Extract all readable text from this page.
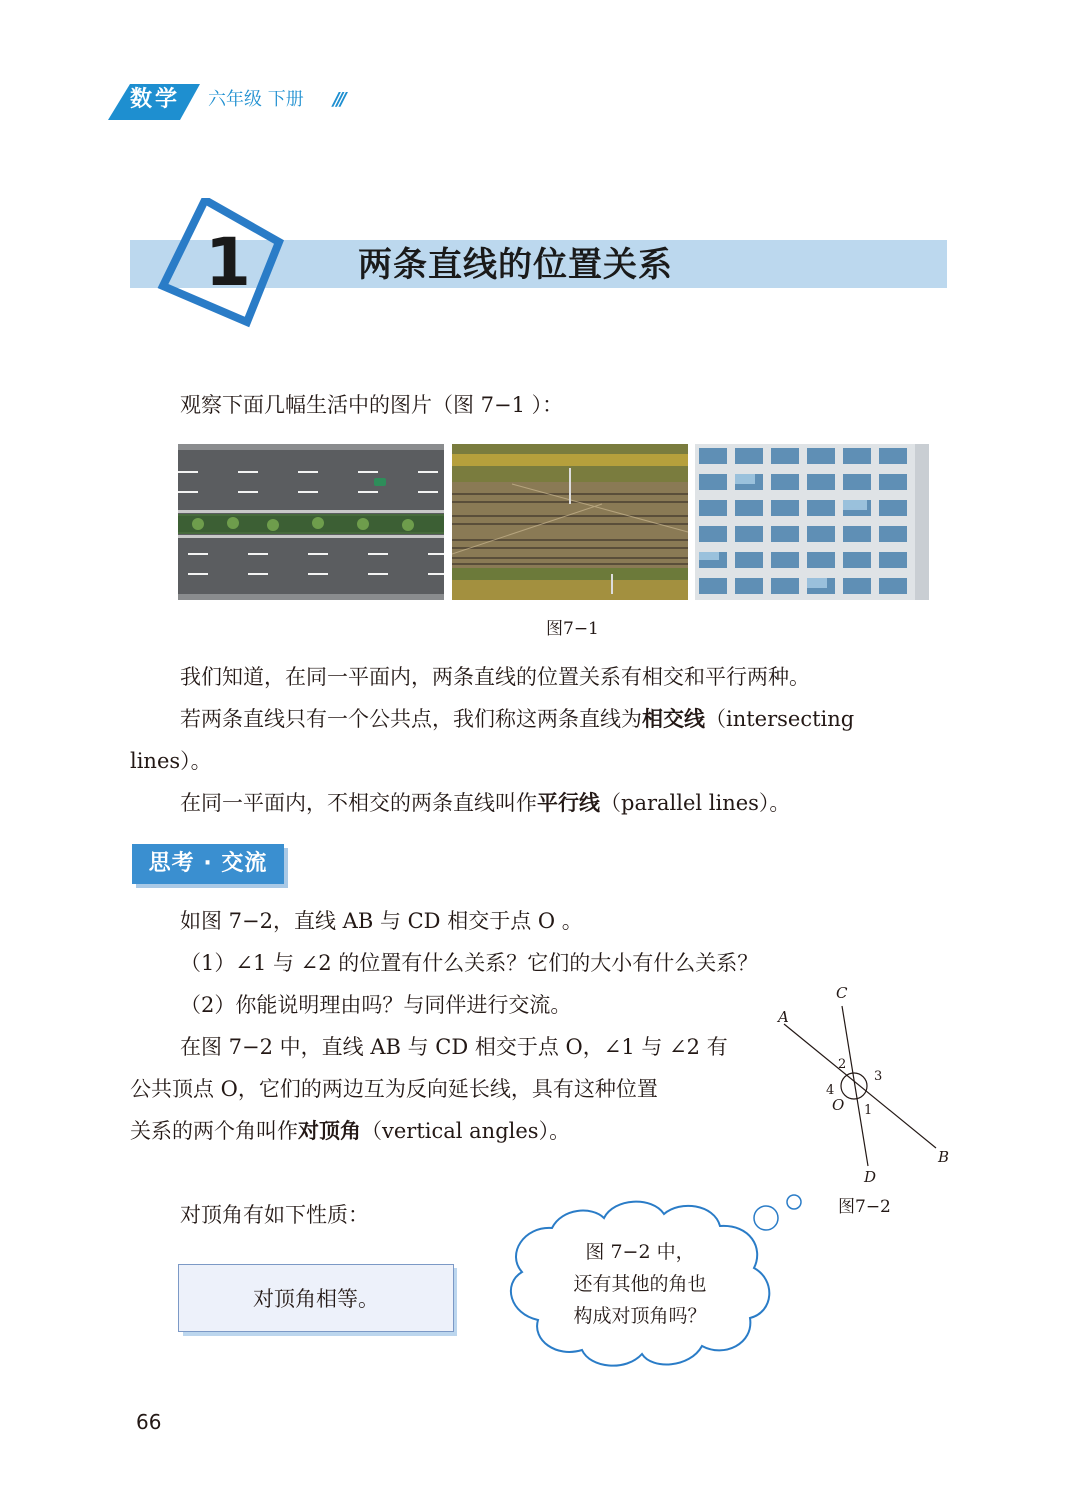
数学	六年级 下册 ///
1	两条直线的位置关系
观察下面几幅生活中的图片（图 7−1 ）：
图7−1
我们知道，在同一平面内，两条直线的位置关系有相交和平行两种。
若两条直线只有一个公共点，我们称这两条直线为相交线（intersecting
lines）。
在同一平面内，不相交的两条直线叫作平行线（parallel lines）。
思考 · 交流
如图 7−2，直线 AB 与 CD 相交于点 O 。
（1）∠1 与 ∠2 的位置有什么关系？它们的大小有什么关系？
（2）你能说明理由吗？与同伴进行交流。
在图 7−2 中，直线 AB 与 CD 相交于点 O，∠1 与 ∠2 有
公共顶点 O，它们的两边互为反向延长线，具有这种位置
关系的两个角叫作对顶角（vertical angles）。
A
B
C
D
O 1
2
3
4
图7−2
对顶角有如下性质：
对顶角相等。
图 7−2 中，
还有其他的角也
构成对顶角吗？
66
